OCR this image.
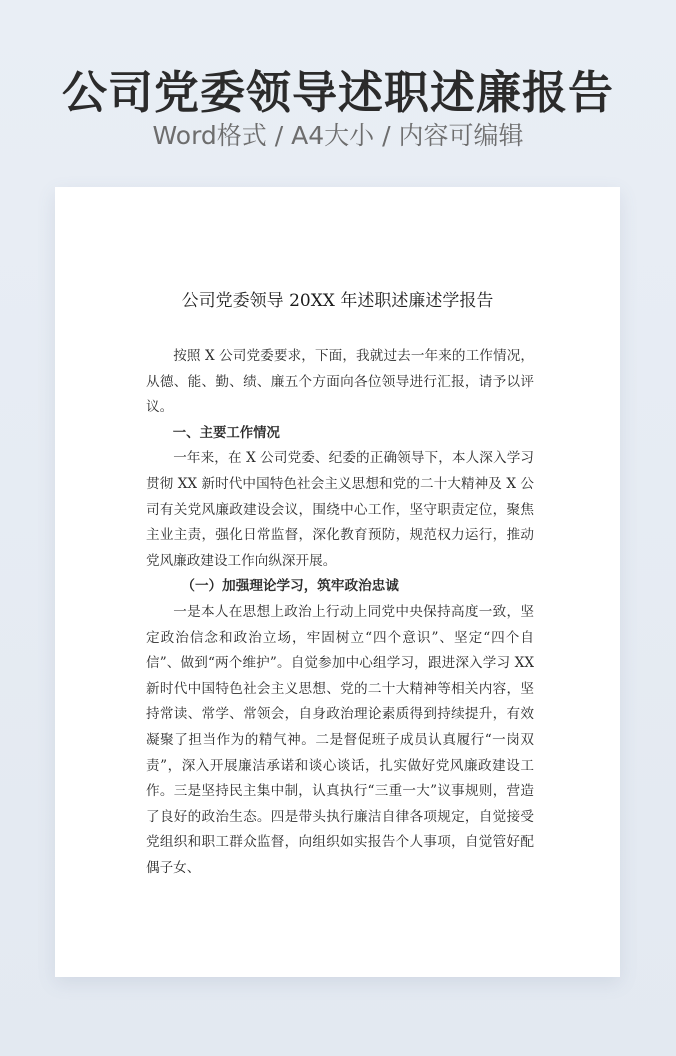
公司党委领导述职述廉报告
Word格式 / A4大小 / 内容可编辑
公司党委领导 20XX 年述职述廉述学报告

按照 X 公司党委要求，下面，我就过去一年来的工作情况，从德、能、勤、绩、廉五个方面向各位领导进行汇报，请予以评议。

一、主要工作情况

一年来，在 X 公司党委、纪委的正确领导下，本人深入学习贯彻 XX 新时代中国特色社会主义思想和党的二十大精神及 X 公司有关党风廉政建设会议，围绕中心工作，坚守职责定位，聚焦主业主责，强化日常监督，深化教育预防，规范权力运行，推动党风廉政建设工作向纵深开展。

（一）加强理论学习，筑牢政治忠诚

一是本人在思想上政治上行动上同党中央保持高度一致，坚定政治信念和政治立场，牢固树立“四个意识”、坚定“四个自信”、做到“两个维护”。自觉参加中心组学习，跟进深入学习 XX 新时代中国特色社会主义思想、党的二十大精神等相关内容，坚持常读、常学、常领会，自身政治理论素质得到持续提升，有效凝聚了担当作为的精气神。二是督促班子成员认真履行“一岗双责”，深入开展廉洁承诺和谈心谈话，扎实做好党风廉政建设工作。三是坚持民主集中制，认真执行“三重一大”议事规则，营造了良好的政治生态。四是带头执行廉洁自律各项规定，自觉接受党组织和职工群众监督，向组织如实报告个人事项，自觉管好配偶子女、
